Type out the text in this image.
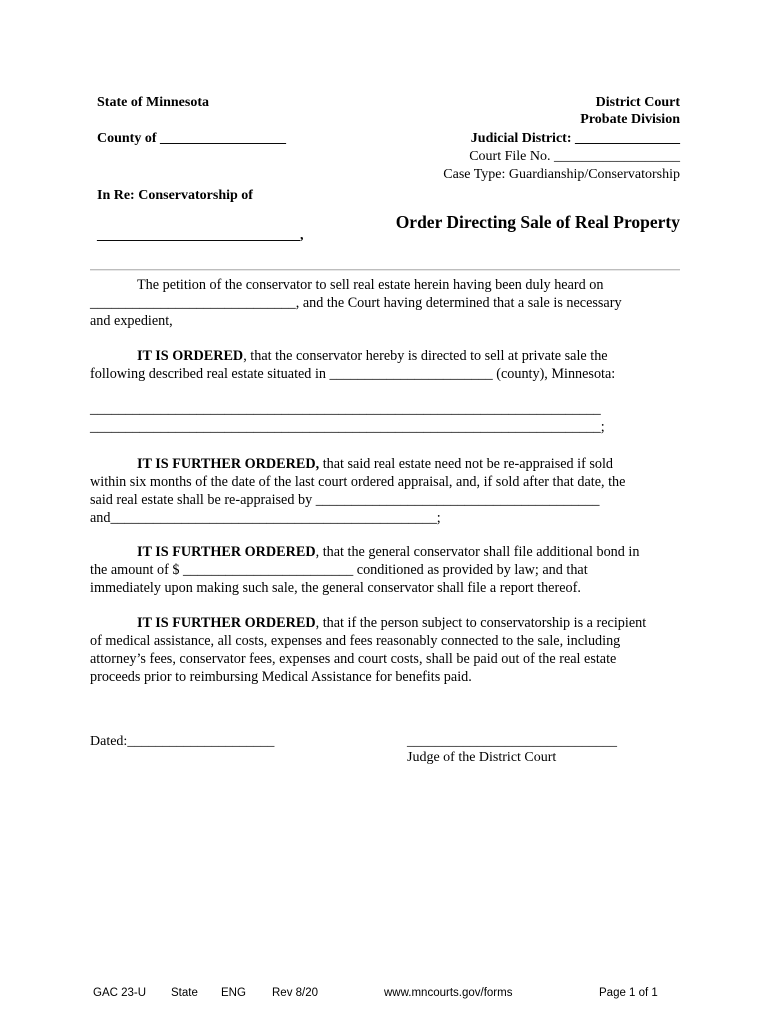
State of Minnesota
County of __________________
In Re: Conservatorship of
_____________________________,
District Court
Probate Division
Judicial District: _______________
Court File No. __________________
Case Type: Guardianship/Conservatorship
Order Directing Sale of Real Property
The petition of the conservator to sell real estate herein having been duly heard on
_____________________________, and the Court having determined that a sale is necessary
and expedient,
IT IS ORDERED, that the conservator hereby is directed to sell at private sale the
following described real estate situated in _______________________ (county), Minnesota:
________________________________________________________________________
________________________________________________________________________;
IT IS FURTHER ORDERED, that said real estate need not be re-appraised if sold
within six months of the date of the last court ordered appraisal, and, if sold after that date, the
said real estate shall be re-appraised by ________________________________________
and______________________________________________;
IT IS FURTHER ORDERED, that the general conservator shall file additional bond in
the amount of $ ________________________ conditioned as provided by law; and that
immediately upon making such sale, the general conservator shall file a report thereof.
IT IS FURTHER ORDERED, that if the person subject to conservatorship is a recipient
of medical assistance, all costs, expenses and fees reasonably connected to the sale, including
attorney’s fees, conservator fees, expenses and court costs, shall be paid out of the real estate
proceeds prior to reimbursing Medical Assistance for benefits paid.
Dated:_____________________	______________________________
Judge of the District Court
GAC 23-U State ENG Rev 8/20	www.mncourts.gov/forms	Page 1 of 1
